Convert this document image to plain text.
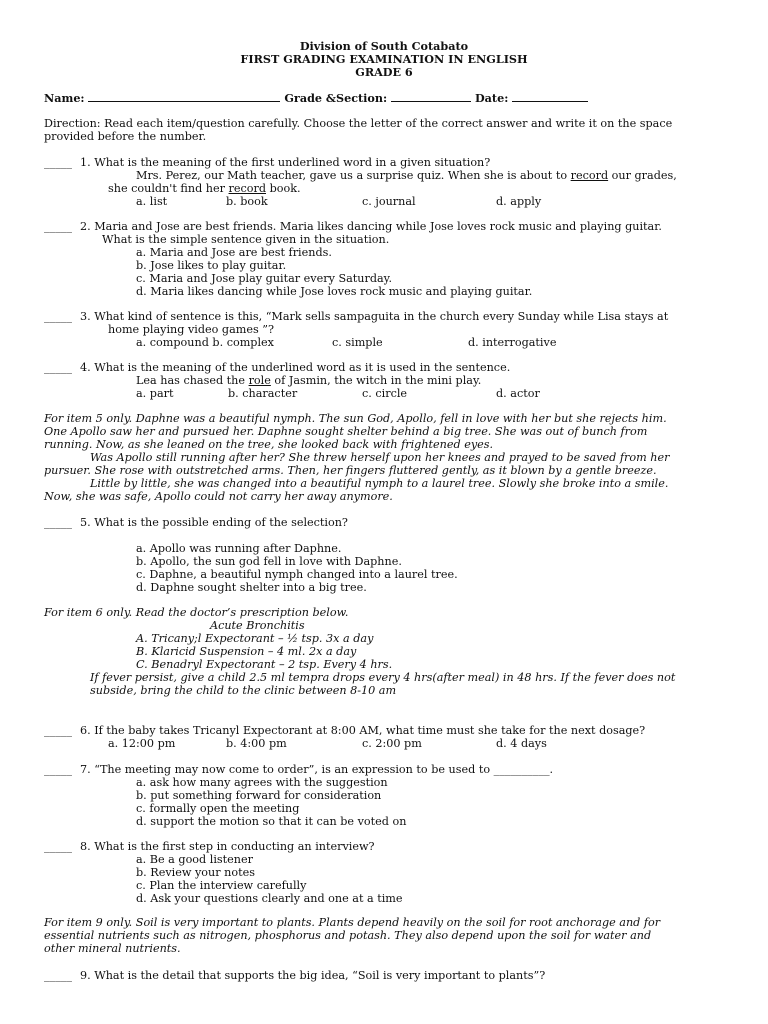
Division of South Cotabato
FIRST GRADING EXAMINATION IN ENGLISH
GRADE 6
Name:	Grade &Section:	Date:
Direction: Read each item/question carefully. Choose the letter of the correct answer and write it on the space
provided before the number.
_____ 1. What is the meaning of the first underlined word in a given situation?
Mrs. Perez, our Math teacher, gave us a surprise quiz. When she is about to record our grades,
she couldn't find her record book.
a. list	b. book	c. journal	d. apply
_____ 2. Maria and Jose are best friends. Maria likes dancing while Jose loves rock music and playing guitar.
What is the simple sentence given in the situation.
a. Maria and Jose are best friends.
b. Jose likes to play guitar.
c. Maria and Jose play guitar every Saturday.
d. Maria likes dancing while Jose loves rock music and playing guitar.
_____ 3. What kind of sentence is this, “Mark sells sampaguita in the church every Sunday while Lisa stays at
home playing video games ”?
a. compound b. complex	c. simple	d. interrogative
_____ 4. What is the meaning of the underlined word as it is used in the sentence.
Lea has chased the role of Jasmin, the witch in the mini play.
a. part	b. character	c. circle	d. actor
For item 5 only. Daphne was a beautiful nymph. The sun God, Apollo, fell in love with her but she rejects him.
One Apollo saw her and pursued her. Daphne sought shelter behind a big tree. She was out of bunch from
running. Now, as she leaned on the tree, she looked back with frightened eyes.
Was Apollo still running after her? She threw herself upon her knees and prayed to be saved from her
pursuer. She rose with outstretched arms. Then, her fingers fluttered gently, as it blown by a gentle breeze.
Little by little, she was changed into a beautiful nymph to a laurel tree. Slowly she broke into a smile.
Now, she was safe, Apollo could not carry her away anymore.
_____ 5. What is the possible ending of the selection?
a. Apollo was running after Daphne.
b. Apollo, the sun god fell in love with Daphne.
c. Daphne, a beautiful nymph changed into a laurel tree.
d. Daphne sought shelter into a big tree.
For item 6 only. Read the doctor’s prescription below.
Acute Bronchitis
A. Tricany;l Expectorant – ½ tsp. 3x a day
B. Klaricid Suspension – 4 ml. 2x a day
C. Benadryl Expectorant – 2 tsp. Every 4 hrs.
If fever persist, give a child 2.5 ml tempra drops every 4 hrs(after meal) in 48 hrs. If the fever does not
subside, bring the child to the clinic between 8-10 am
_____ 6. If the baby takes Tricanyl Expectorant at 8:00 AM, what time must she take for the next dosage?
a. 12:00 pm	b. 4:00 pm	c. 2:00 pm	d. 4 days
_____ 7. “The meeting may now come to order”, is an expression to be used to __________.
a. ask how many agrees with the suggestion
b. put something forward for consideration
c. formally open the meeting
d. support the motion so that it can be voted on
_____ 8. What is the first step in conducting an interview?
a. Be a good listener
b. Review your notes
c. Plan the interview carefully
d. Ask your questions clearly and one at a time
For item 9 only. Soil is very important to plants. Plants depend heavily on the soil for root anchorage and for
essential nutrients such as nitrogen, phosphorus and potash. They also depend upon the soil for water and
other mineral nutrients.
_____ 9. What is the detail that supports the big idea, “Soil is very important to plants”?
